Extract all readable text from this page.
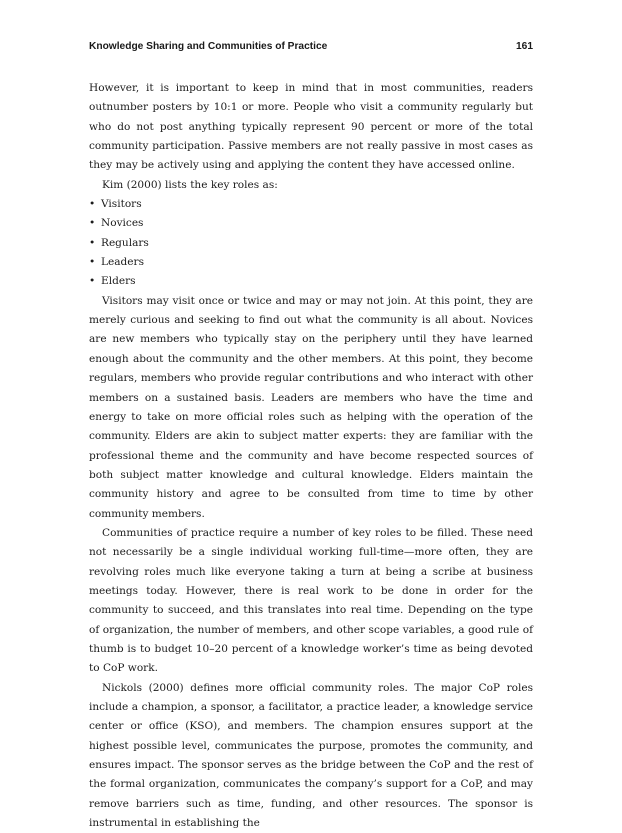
Knowledge Sharing and Communities of Practice	161

However, it is important to keep in mind that in most communities, readers outnumber posters by 10:1 or more. People who visit a community regularly but who do not post anything typically represent 90 percent or more of the total community participation. Passive members are not really passive in most cases as they may be actively using and applying the content they have accessed online.

Kim (2000) lists the key roles as:

• Visitors
• Novices
• Regulars
• Leaders
• Elders

Visitors may visit once or twice and may or may not join. At this point, they are merely curious and seeking to find out what the community is all about. Novices are new members who typically stay on the periphery until they have learned enough about the community and the other members. At this point, they become regulars, members who provide regular contributions and who interact with other members on a sustained basis. Leaders are members who have the time and energy to take on more official roles such as helping with the operation of the community. Elders are akin to subject matter experts: they are familiar with the professional theme and the community and have become respected sources of both subject matter knowledge and cultural knowledge. Elders maintain the community history and agree to be consulted from time to time by other community members.

Communities of practice require a number of key roles to be filled. These need not necessarily be a single individual working full-time—more often, they are revolving roles much like everyone taking a turn at being a scribe at business meetings today. However, there is real work to be done in order for the community to succeed, and this translates into real time. Depending on the type of organization, the number of members, and other scope variables, a good rule of thumb is to budget 10–20 percent of a knowledge worker’s time as being devoted to CoP work.

Nickols (2000) defines more official community roles. The major CoP roles include a champion, a sponsor, a facilitator, a practice leader, a knowledge service center or office (KSO), and members. The champion ensures support at the highest possible level, communicates the purpose, promotes the community, and ensures impact. The sponsor serves as the bridge between the CoP and the rest of the formal organization, communicates the company’s support for a CoP, and may remove barriers such as time, funding, and other resources. The sponsor is instrumental in establishing the
